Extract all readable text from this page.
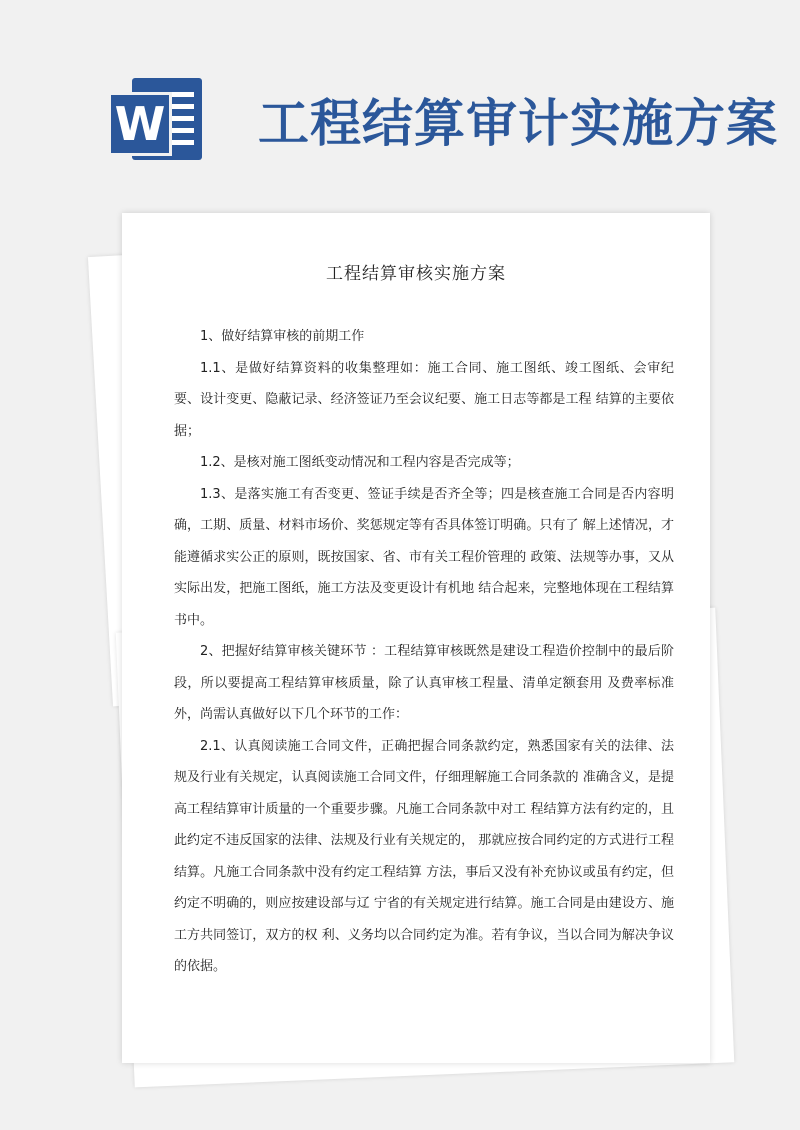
W 工程结算审计实施方案
工程结算审核实施方案

1、做好结算审核的前期工作

1.1、是做好结算资料的收集整理如：施工合同、施工图纸、竣工图纸、会审纪要、设计变更、隐蔽记录、经济签证乃至会议纪要、施工日志等都是工程 结算的主要依据；

1.2、是核对施工图纸变动情况和工程内容是否完成等；

1.3、是落实施工有否变更、签证手续是否齐全等；四是核查施工合同是否内容明确，工期、质量、材料市场价、奖惩规定等有否具体签订明确。只有了 解上述情况，才能遵循求实公正的原则，既按国家、省、市有关工程价管理的 政策、法规等办事，又从实际出发，把施工图纸，施工方法及变更设计有机地 结合起来，完整地体现在工程结算书中。

2、把握好结算审核关键环节 ：工程结算审核既然是建设工程造价控制中的最后阶段，所以要提高工程结算审核质量，除了认真审核工程量、清单定额套用 及费率标准外，尚需认真做好以下几个环节的工作：

2.1、认真阅读施工合同文件，正确把握合同条款约定，熟悉国家有关的法律、法规及行业有关规定，认真阅读施工合同文件，仔细理解施工合同条款的 准确含义，是提高工程结算审计质量的一个重要步骤。凡施工合同条款中对工 程结算方法有约定的，且此约定不违反国家的法律、法规及行业有关规定的， 那就应按合同约定的方式进行工程结算。凡施工合同条款中没有约定工程结算 方法，事后又没有补充协议或虽有约定，但约定不明确的，则应按建设部与辽 宁省的有关规定进行结算。施工合同是由建设方、施工方共同签订，双方的权 利、义务均以合同约定为准。若有争议，当以合同为解决争议的依据。
